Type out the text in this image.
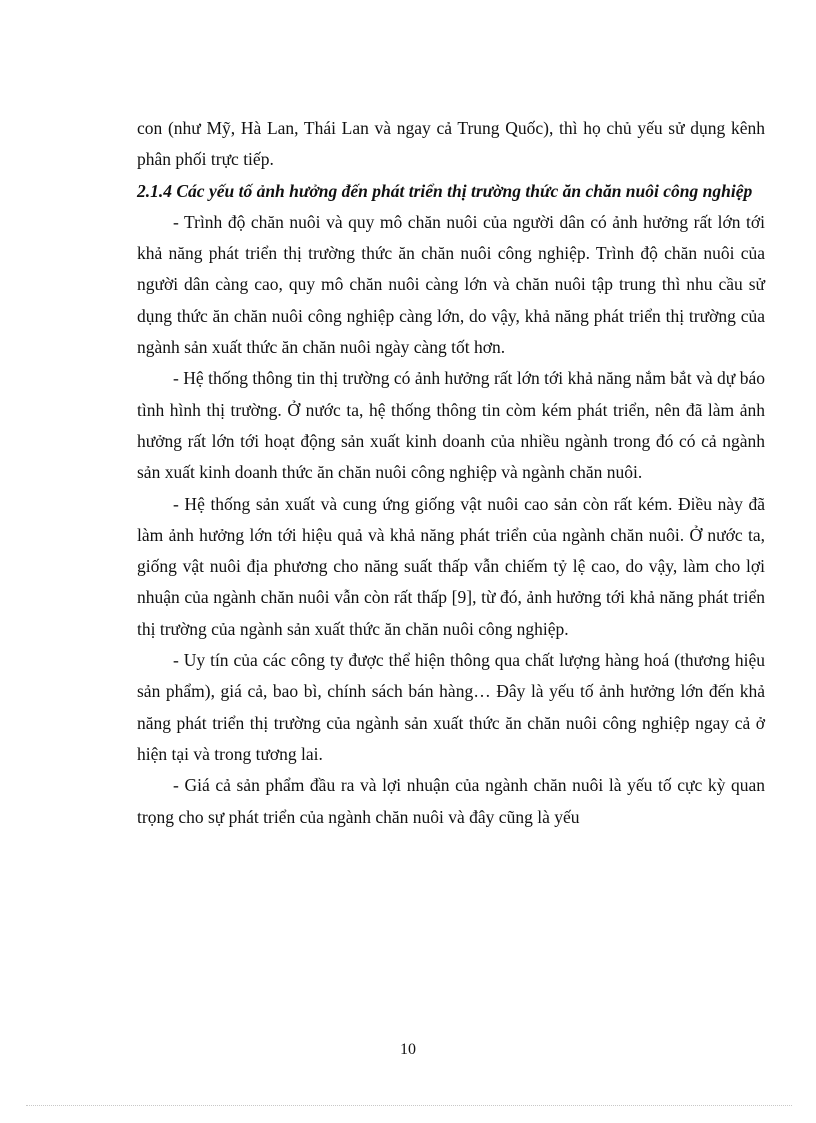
con (như Mỹ, Hà Lan, Thái Lan và ngay cả Trung Quốc), thì họ chủ yếu sử dụng kênh phân phối trực tiếp.

2.1.4 Các yếu tố ảnh hưởng đến phát triển thị trường thức ăn chăn nuôi công nghiệp

- Trình độ chăn nuôi và quy mô chăn nuôi của người dân có ảnh hưởng rất lớn tới khả năng phát triển thị trường thức ăn chăn nuôi công nghiệp. Trình độ chăn nuôi của người dân càng cao, quy mô chăn nuôi càng lớn và chăn nuôi tập trung thì nhu cầu sử dụng thức ăn chăn nuôi công nghiệp càng lớn, do vậy, khả năng phát triển thị trường của ngành sản xuất thức ăn chăn nuôi ngày càng tốt hơn.

- Hệ thống thông tin thị trường có ảnh hưởng rất lớn tới khả năng nắm bắt và dự báo tình hình thị trường. Ở nước ta, hệ thống thông tin còm kém phát triển, nên đã làm ảnh hưởng rất lớn tới hoạt động sản xuất kinh doanh của nhiều ngành trong đó có cả ngành sản xuất kinh doanh thức ăn chăn nuôi công nghiệp và ngành chăn nuôi.

- Hệ thống sản xuất và cung ứng giống vật nuôi cao sản còn rất kém. Điều này đã làm ảnh hưởng lớn tới hiệu quả và khả năng phát triển của ngành chăn nuôi. Ở nước ta, giống vật nuôi địa phương cho năng suất thấp vẫn chiếm tỷ lệ cao, do vậy, làm cho lợi nhuận của ngành chăn nuôi vẫn còn rất thấp [9], từ đó, ảnh hưởng tới khả năng phát triển thị trường của ngành sản xuất thức ăn chăn nuôi công nghiệp.

- Uy tín của các công ty được thể hiện thông qua chất lượng hàng hoá (thương hiệu sản phẩm), giá cả, bao bì, chính sách bán hàng… Đây là yếu tố ảnh hưởng lớn đến khả năng phát triển thị trường của ngành sản xuất thức ăn chăn nuôi công nghiệp ngay cả ở hiện tại và trong tương lai.

- Giá cả sản phẩm đầu ra và lợi nhuận của ngành chăn nuôi là yếu tố cực kỳ quan trọng cho sự phát triển của ngành chăn nuôi và đây cũng là yếu

10
